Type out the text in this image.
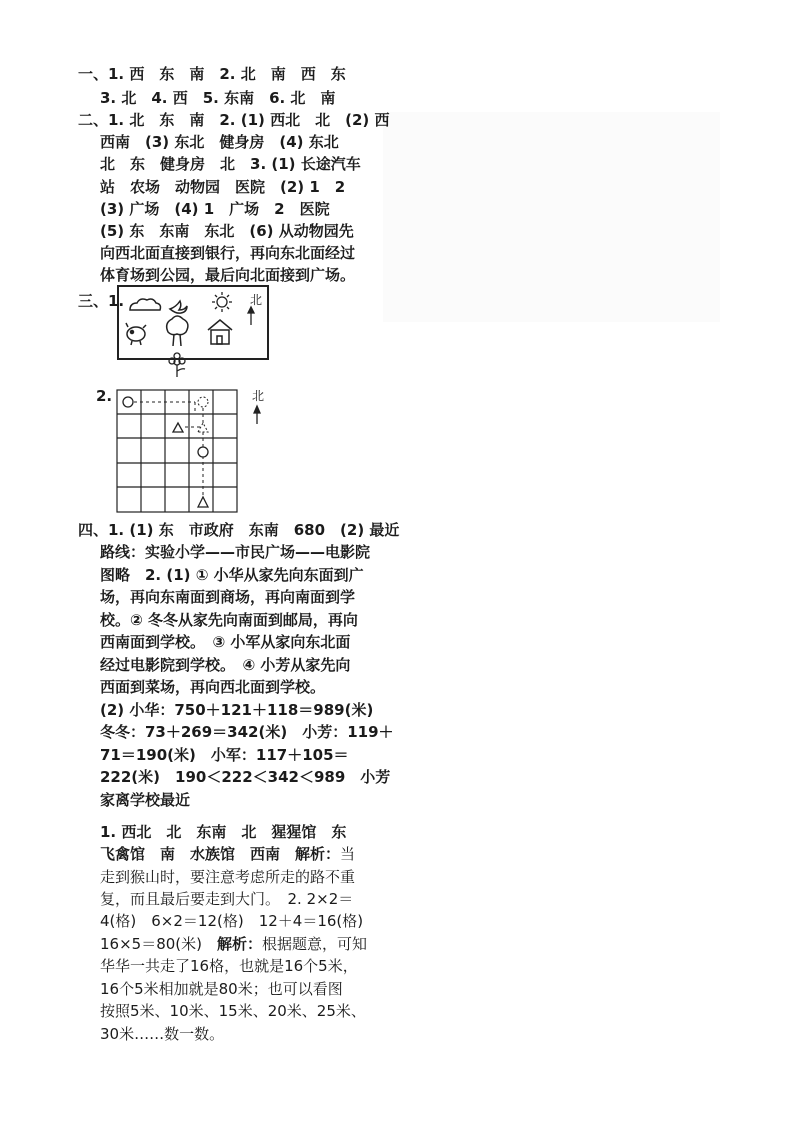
一、1. 西　东　南　2. 北　南　西　东
3. 北　4. 西　5. 东南　6. 北　南
二、1. 北　东　南　2. (1) 西北　北　(2) 西
西南　(3) 东北　健身房　(4) 东北
北　东　健身房　北　3. (1) 长途汽车
站　农场　动物园　医院　(2) 1　2
(3) 广场　(4) 1　广场　2　医院
(5) 东　东南　东北　(6) 从动物园先
向西北面直接到银行，再向东北面经过
体育场到公园，最后向北面接到广场。
三、1.	北
2.	北
四、1. (1) 东　市政府　东南　680　(2) 最近
路线：实验小学——市民广场——电影院
图略　2. (1) ① 小华从家先向东面到广
场，再向东南面到商场，再向南面到学
校。② 冬冬从家先向南面到邮局，再向
西南面到学校。　③ 小军从家向东北面
经过电影院到学校。　④ 小芳从家先向
西面到菜场，再向西北面到学校。
(2) 小华：750＋121＋118＝989(米)
冬冬：73＋269＝342(米)　小芳：119＋
71＝190(米)　小军：117＋105＝
222(米)　190＜222＜342＜989　小芳
家离学校最近
1. 西北　北　东南　北　猩猩馆　东
飞禽馆　南　水族馆　西南　解析：当
走到猴山时，要注意考虑所走的路不重
复，而且最后要走到大门。　2. 2×2＝
4(格)　6×2＝12(格)　12＋4＝16(格)
16×5＝80(米)　解析：根据题意，可知
华华一共走了16格，也就是16个5米，
16个5米相加就是80米；也可以看图
按照5米、10米、15米、20米、25米、
30米……数一数。
